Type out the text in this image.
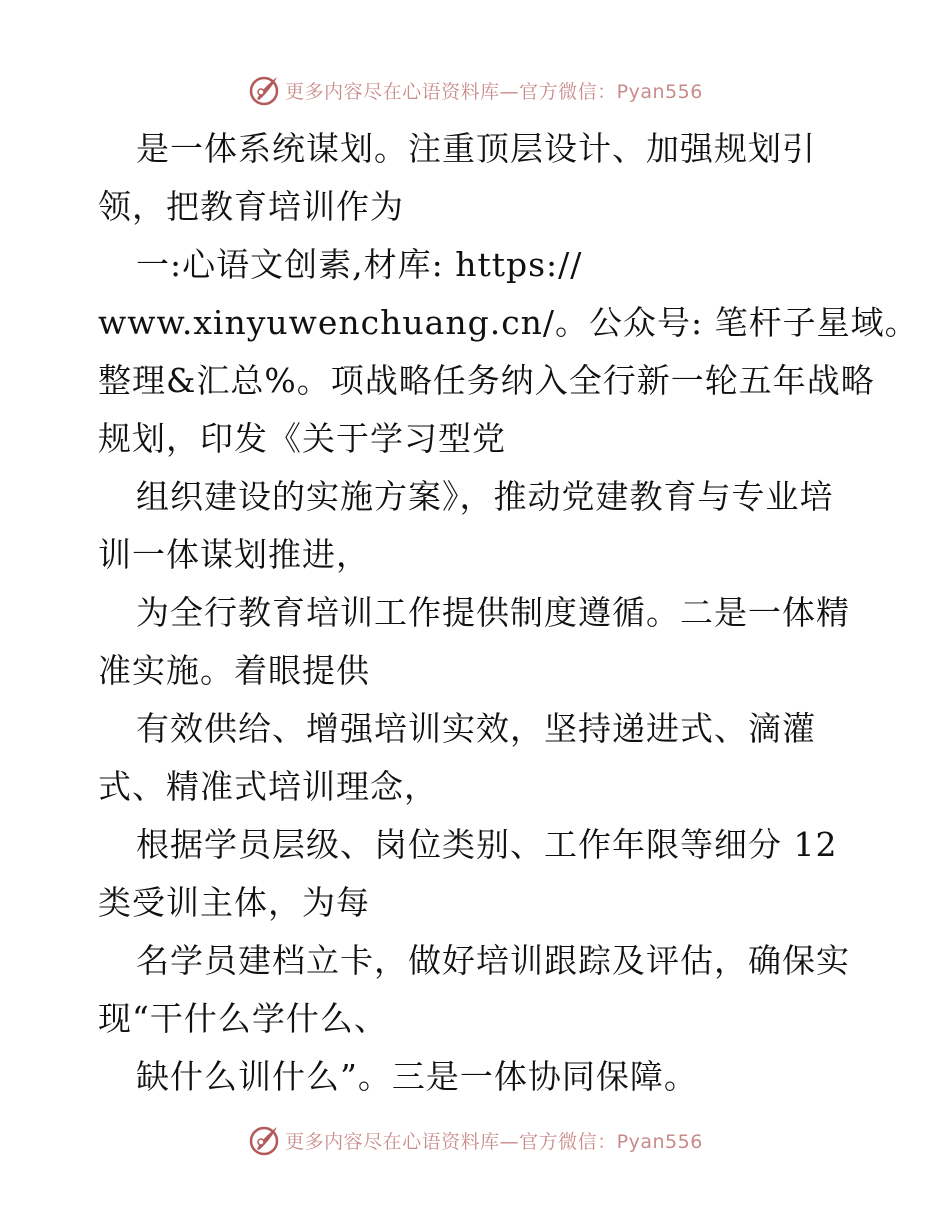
更多内容尽在心语资料库—官方微信：Pyan556
是一体系统谋划。注重顶层设计、加强规划引
领，把教育培训作为
一:心语文创素,材库: https://
www.xinyuwenchuang.cn/。公众号: 笔杆子星域。
整理&汇总%。项战略任务纳入全行新一轮五年战略
规划，印发《关于学习型党
组织建设的实施方案》，推动党建教育与专业培
训一体谋划推进，
为全行教育培训工作提供制度遵循。二是一体精
准实施。着眼提供
有效供给、增强培训实效，坚持递进式、滴灌
式、精准式培训理念，
根据学员层级、岗位类别、工作年限等细分 12
类受训主体，为每
名学员建档立卡，做好培训跟踪及评估，确保实
现“干什么学什么、
缺什么训什么”。三是一体协同保障。
更多内容尽在心语资料库—官方微信：Pyan556
